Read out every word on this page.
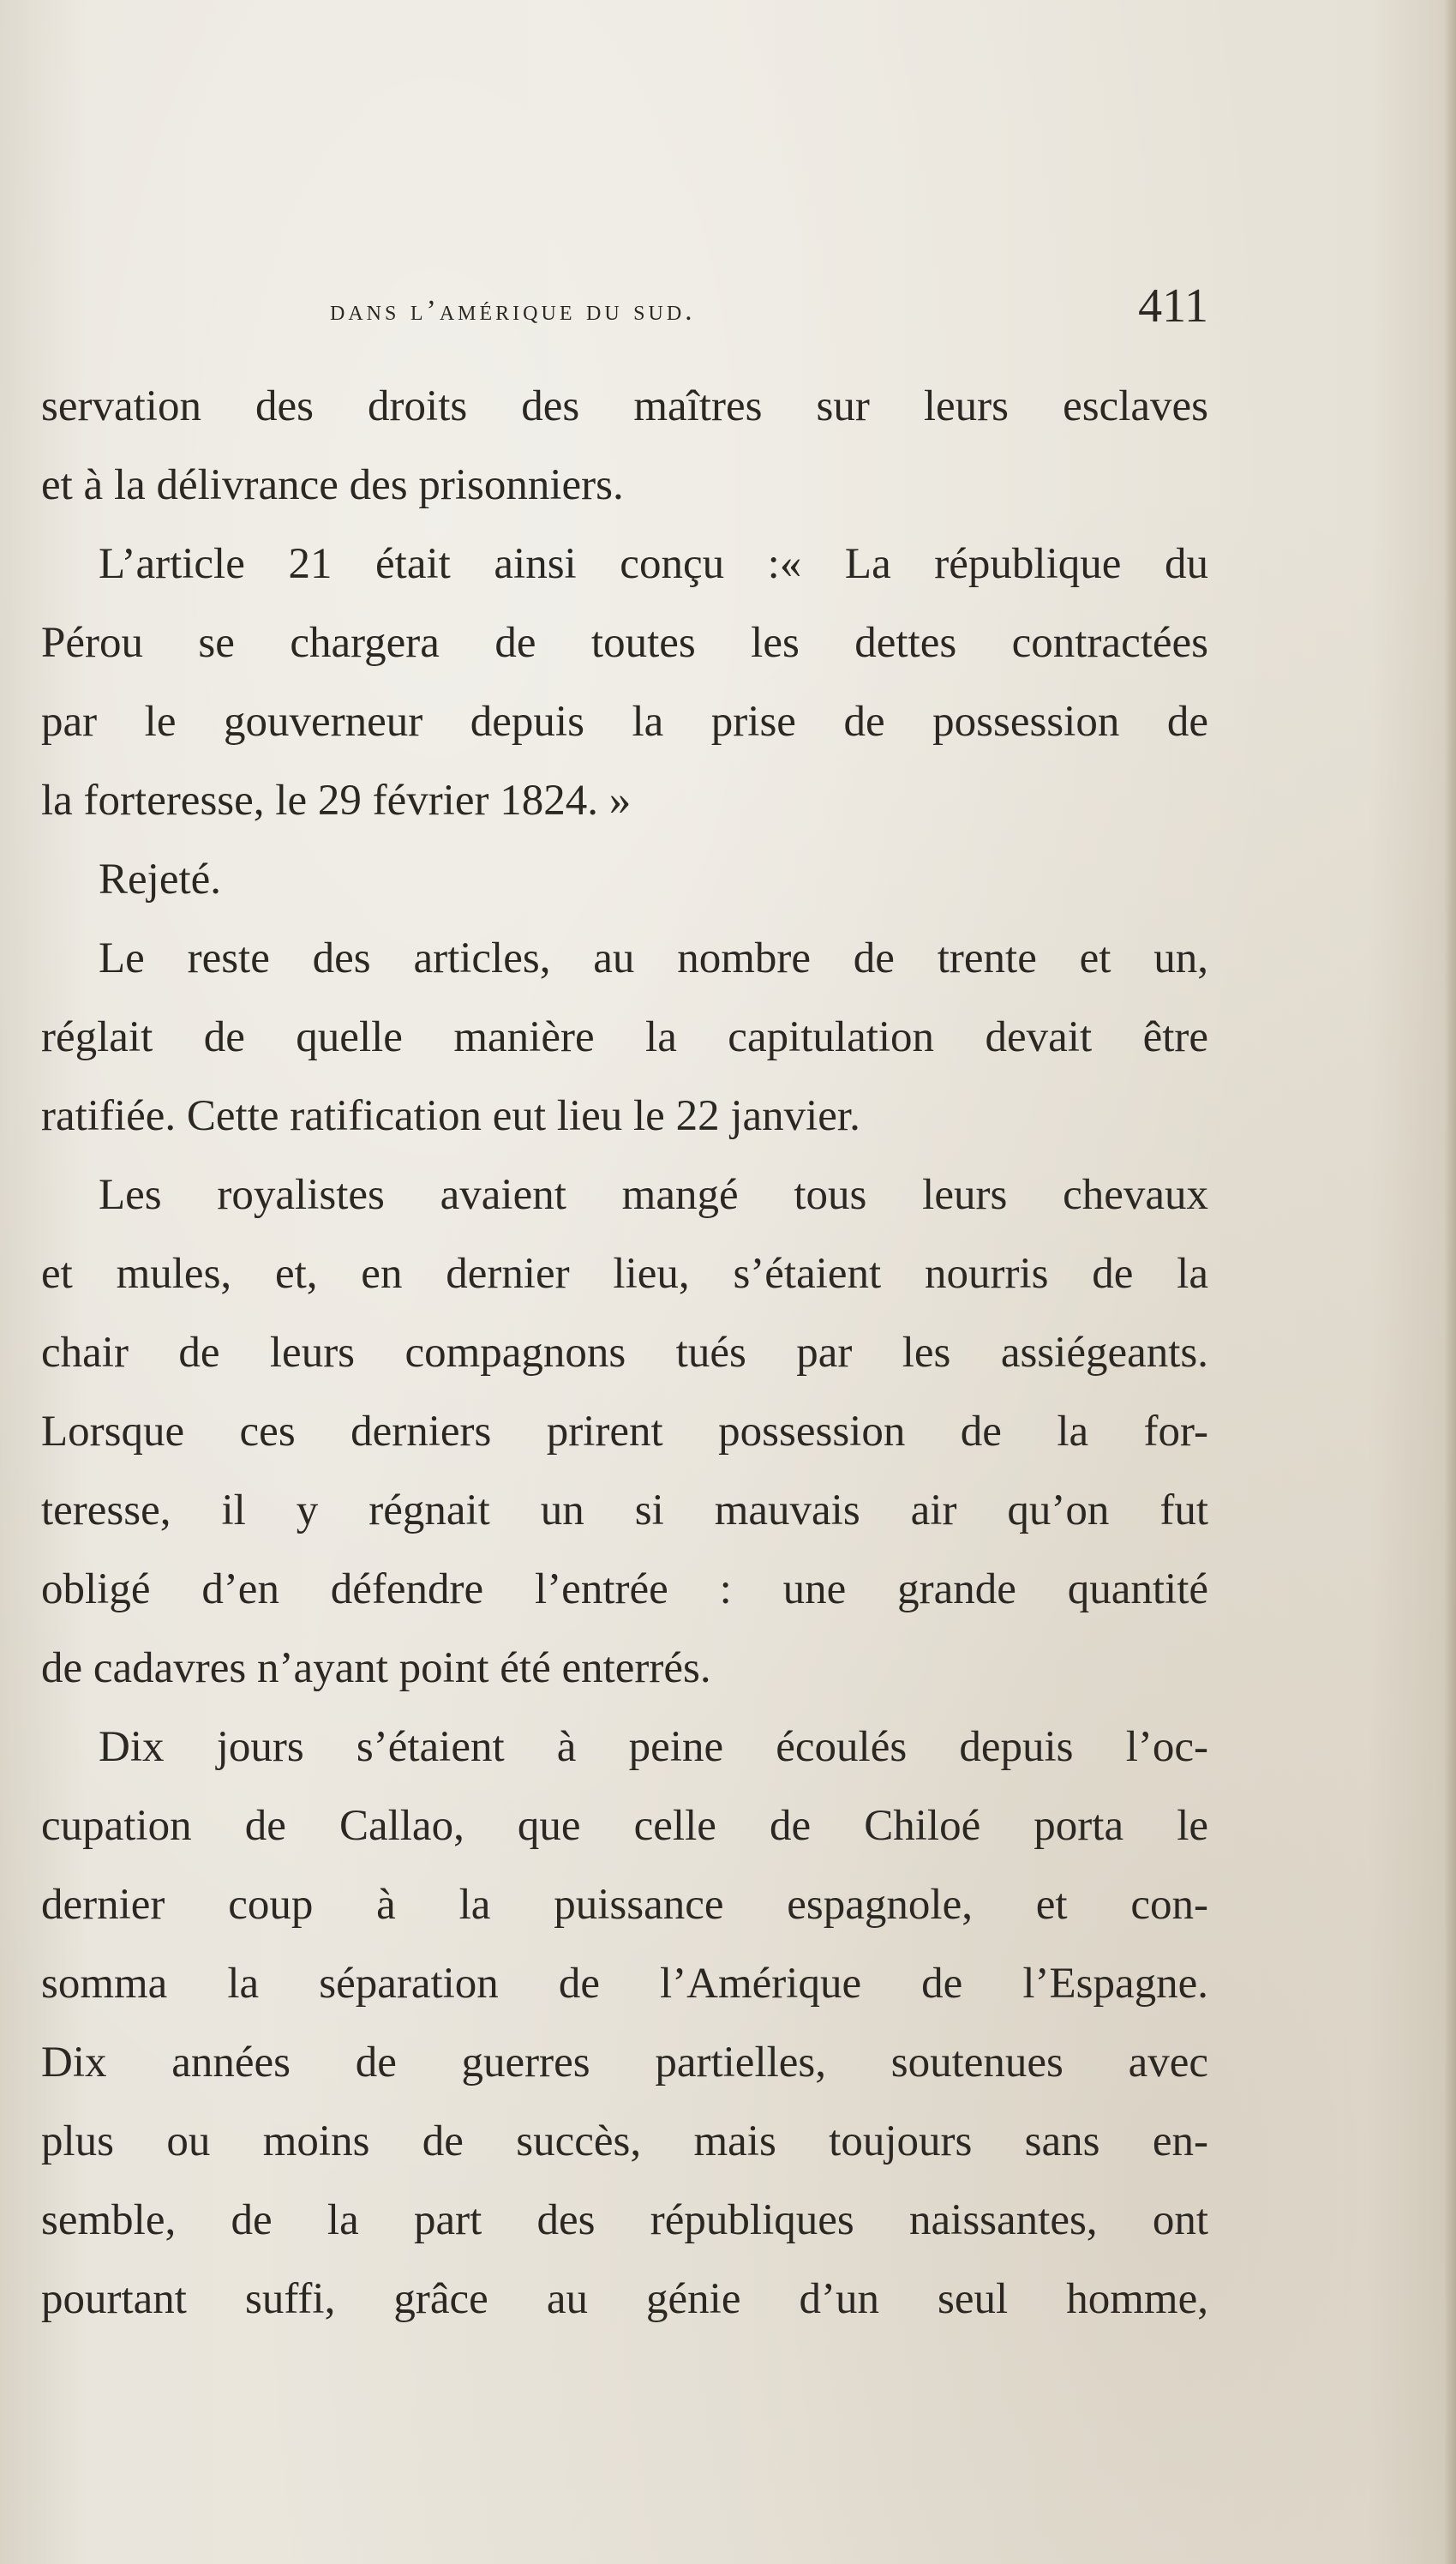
dans l’amérique du sud.	411
servation des droits des maîtres sur leurs esclaves
et à la délivrance des prisonniers.
L’article 21 était ainsi conçu :« La république du
Pérou se chargera de toutes les dettes contractées
par le gouverneur depuis la prise de possession de
la forteresse, le 29 février 1824. »
Rejeté.
Le reste des articles, au nombre de trente et un,
réglait de quelle manière la capitulation devait être
ratifiée. Cette ratification eut lieu le 22 janvier.
Les royalistes avaient mangé tous leurs chevaux
et mules, et, en dernier lieu, s’étaient nourris de la
chair de leurs compagnons tués par les assiégeants.
Lorsque ces derniers prirent possession de la for-
teresse, il y régnait un si mauvais air qu’on fut
obligé d’en défendre l’entrée : une grande quantité
de cadavres n’ayant point été enterrés.
Dix jours s’étaient à peine écoulés depuis l’oc-
cupation de Callao, que celle de Chiloé porta le
dernier coup à la puissance espagnole, et con-
somma la séparation de l’Amérique de l’Espagne.
Dix années de guerres partielles, soutenues avec
plus ou moins de succès, mais toujours sans en-
semble, de la part des républiques naissantes, ont
pourtant suffi, grâce au génie d’un seul homme,
